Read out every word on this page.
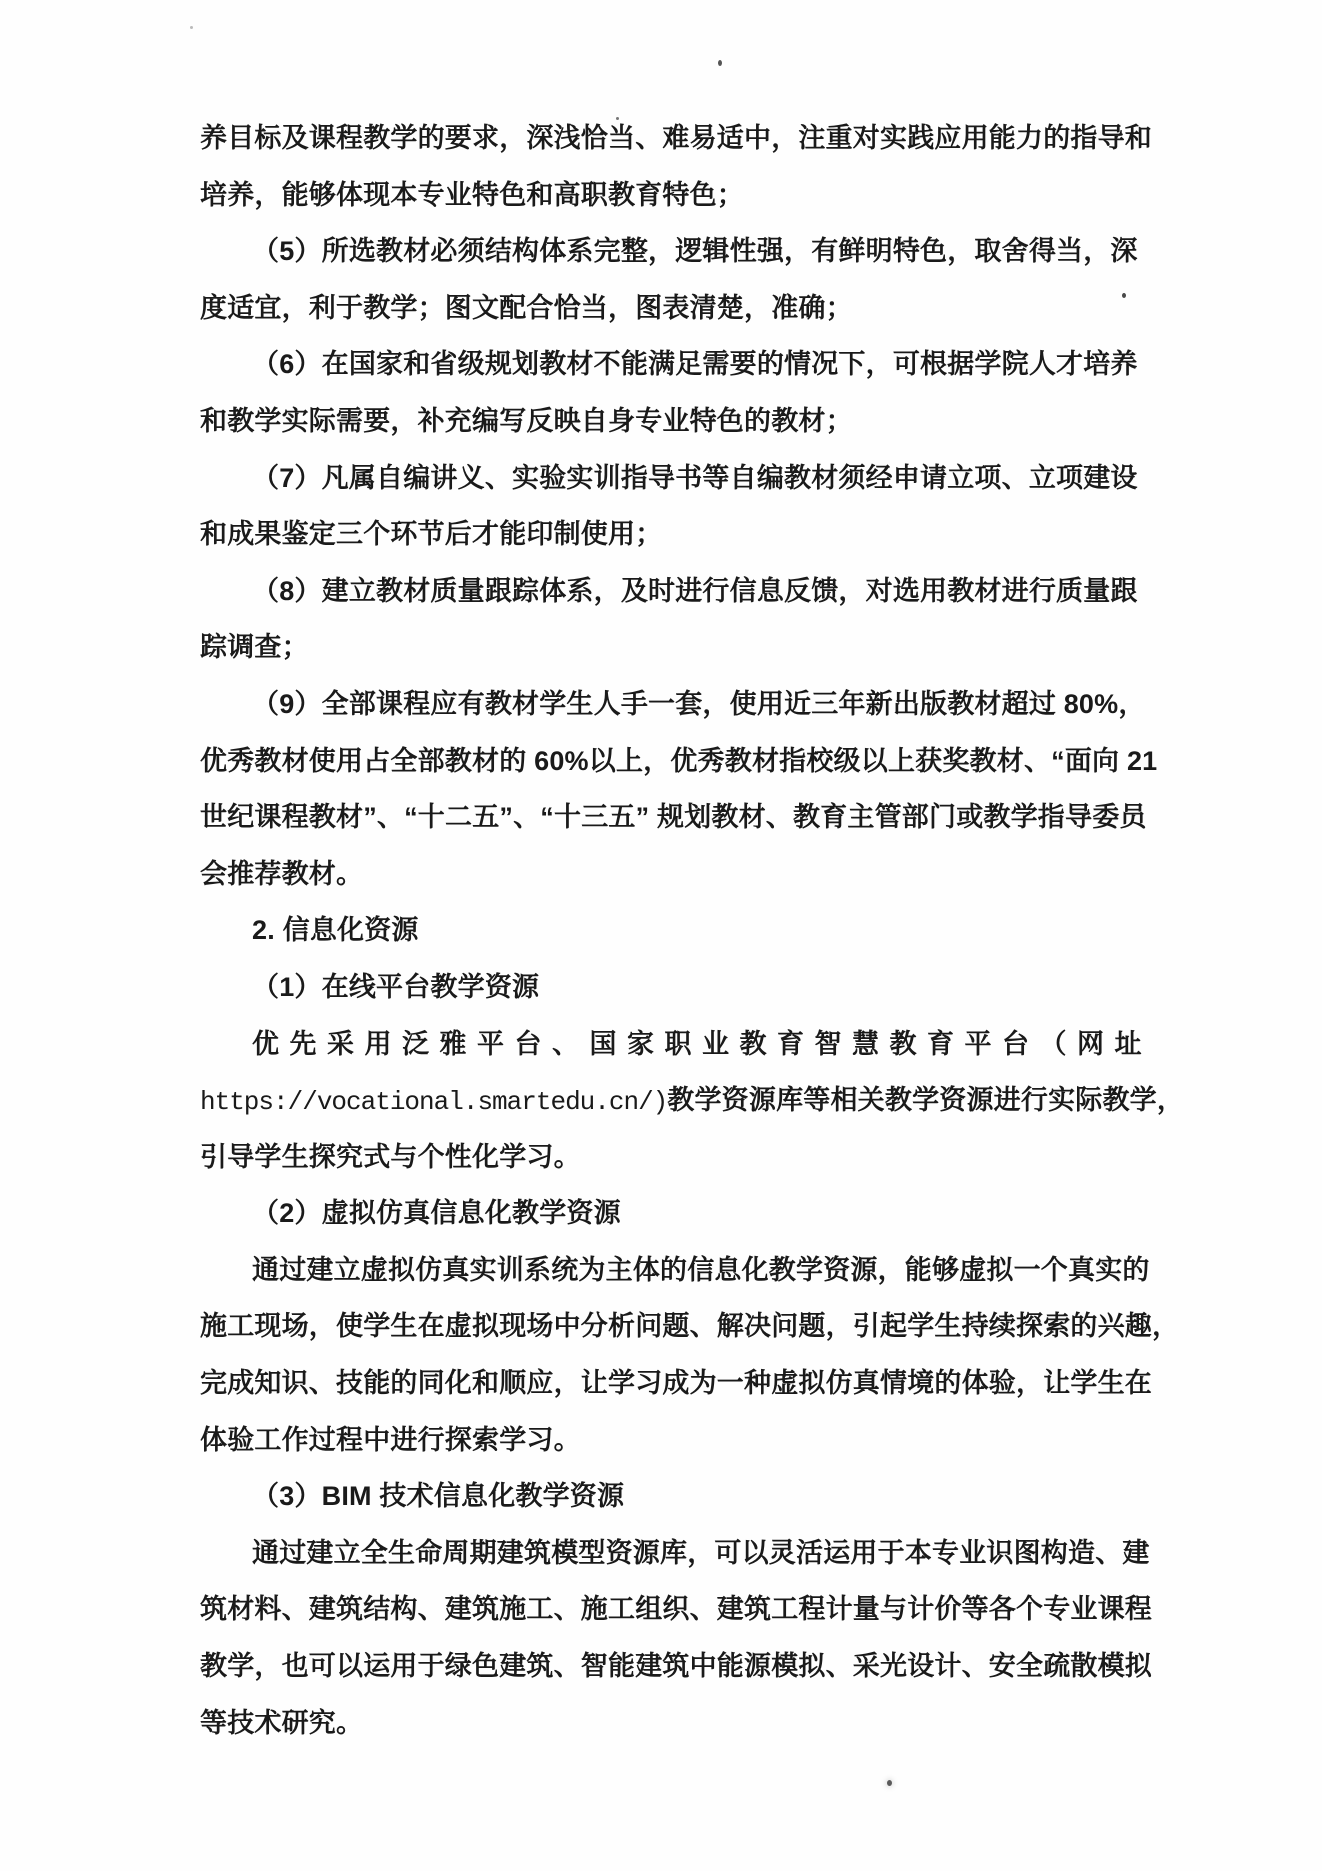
养目标及课程教学的要求，深浅恰当、难易适中，注重对实践应用能力的指导和
培养，能够体现本专业特色和高职教育特色；
（5）所选教材必须结构体系完整，逻辑性强，有鲜明特色，取舍得当，深
度适宜，利于教学；图文配合恰当，图表清楚，准确；
（6）在国家和省级规划教材不能满足需要的情况下，可根据学院人才培养
和教学实际需要，补充编写反映自身专业特色的教材；
（7）凡属自编讲义、实验实训指导书等自编教材须经申请立项、立项建设
和成果鉴定三个环节后才能印制使用；
（8）建立教材质量跟踪体系，及时进行信息反馈，对选用教材进行质量跟
踪调查；
（9）全部课程应有教材学生人手一套，使用近三年新出版教材超过 80%，
优秀教材使用占全部教材的 60%以上，优秀教材指校级以上获奖教材、“面向 21
世纪课程教材”、“十二五”、“十三五” 规划教材、教育主管部门或教学指导委员
会推荐教材。
2. 信息化资源
（1）在线平台教学资源
优先采用泛雅平台、国家职业教育智慧教育平台（网址
https://vocational.smartedu.cn/)教学资源库等相关教学资源进行实际教学，
引导学生探究式与个性化学习。
（2）虚拟仿真信息化教学资源
通过建立虚拟仿真实训系统为主体的信息化教学资源，能够虚拟一个真实的
施工现场，使学生在虚拟现场中分析问题、解决问题，引起学生持续探索的兴趣，
完成知识、技能的同化和顺应，让学习成为一种虚拟仿真情境的体验，让学生在
体验工作过程中进行探索学习。
（3）BIM 技术信息化教学资源
通过建立全生命周期建筑模型资源库，可以灵活运用于本专业识图构造、建
筑材料、建筑结构、建筑施工、施工组织、建筑工程计量与计价等各个专业课程
教学，也可以运用于绿色建筑、智能建筑中能源模拟、采光设计、安全疏散模拟
等技术研究。
